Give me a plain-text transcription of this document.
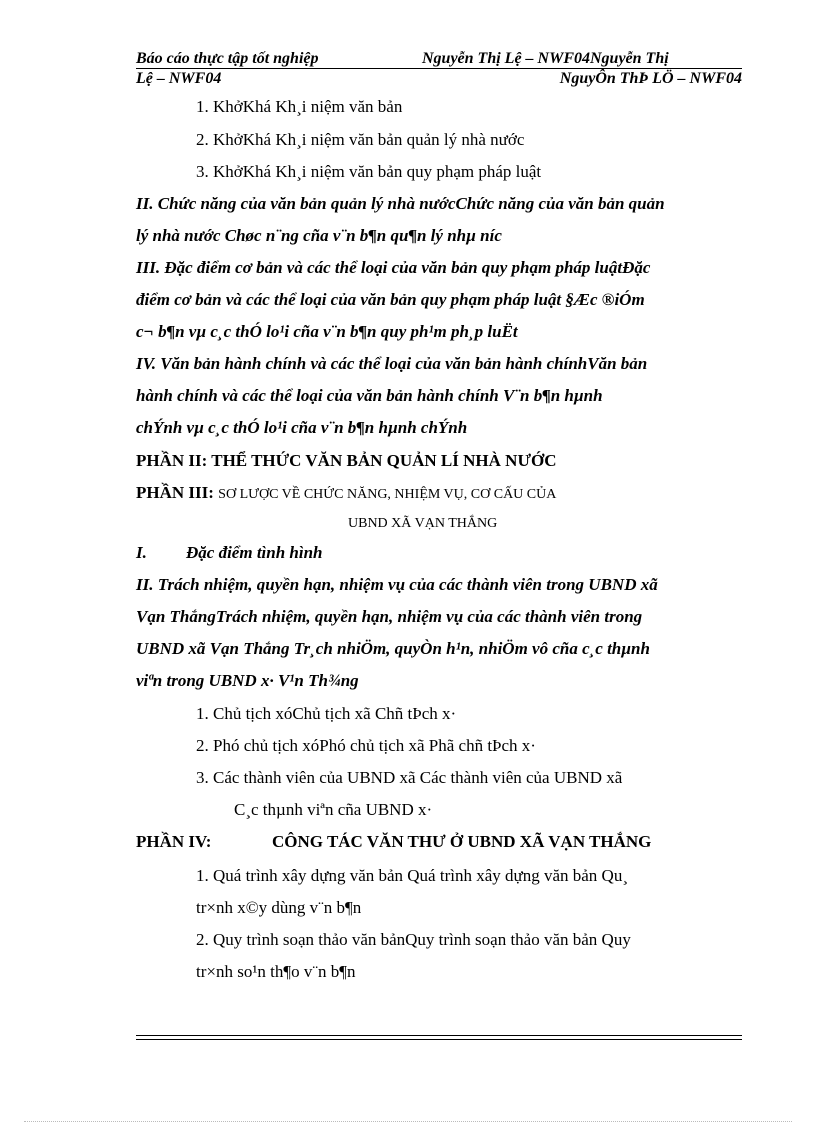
Báo cáo thực tập tốt nghiệp	Nguyễn Thị Lệ – NWF04Nguyễn Thị
Lệ – NWF04	NguyÔn ThÞ LÖ – NWF04
1. KhởKhá Kh¸i niệm văn bản
2. KhởKhá Kh¸i niệm văn bản quản lý nhà nước
3. KhởKhá Kh¸i niệm văn bản quy phạm pháp luật
II. Chức năng của văn bản quản lý nhà nướcChức năng của văn bản quản
lý nhà nước Chøc n¨ng cña v¨n b¶n qu¶n lý nhµ níc
III. Đặc điểm cơ bản và các thể loại của văn bản quy phạm pháp luậtĐặc
điểm cơ bản và các thể loại của văn bản quy phạm pháp luật §Æc ®iÓm
c¬ b¶n vµ c¸c thÓ lo¹i cña v¨n b¶n quy ph¹m ph¸p luËt
IV. Văn bản hành chính và các thể loại của văn bản hành chínhVăn bản
hành chính và các thể loại của văn bản hành chính V¨n b¶n hµnh
chÝnh vµ c¸c thÓ lo¹i cña v¨n b¶n hµnh chÝnh
PHẦN II: THỂ THỨC VĂN BẢN QUẢN LÍ NHÀ NƯỚC
PHẦN III: SƠ LƯỢC VỀ CHỨC NĂNG, NHIỆM VỤ, CƠ CẤU CỦA
UBND XÃ VẠN THẮNG
I. Đặc điểm tình hình
II. Trách nhiệm, quyền hạn, nhiệm vụ của các thành viên trong UBND xã
Vạn ThắngTrách nhiệm, quyền hạn, nhiệm vụ của các thành viên trong
UBND xã Vạn Thắng Tr¸ch nhiÖm, quyÒn h¹n, nhiÖm vô cña c¸c thµnh
viªn trong UBND x· V¹n Th¾ng
1. Chủ tịch xóChủ tịch xã Chñ tÞch x·
2. Phó chủ tịch xóPhó chủ tịch xã Phã chñ tÞch x·
3. Các thành viên của UBND xã Các thành viên của UBND xã
C¸c thµnh viªn cña UBND x·
PHẦN IV:	CÔNG TÁC VĂN THƯ Ở UBND XÃ VẠN THẮNG
1. Quá trình xây dựng văn bản Quá trình xây dựng văn bản Qu¸
tr×nh x©y dùng v¨n b¶n
2. Quy trình soạn thảo văn bảnQuy trình soạn thảo văn bản Quy
tr×nh so¹n th¶o v¨n b¶n
